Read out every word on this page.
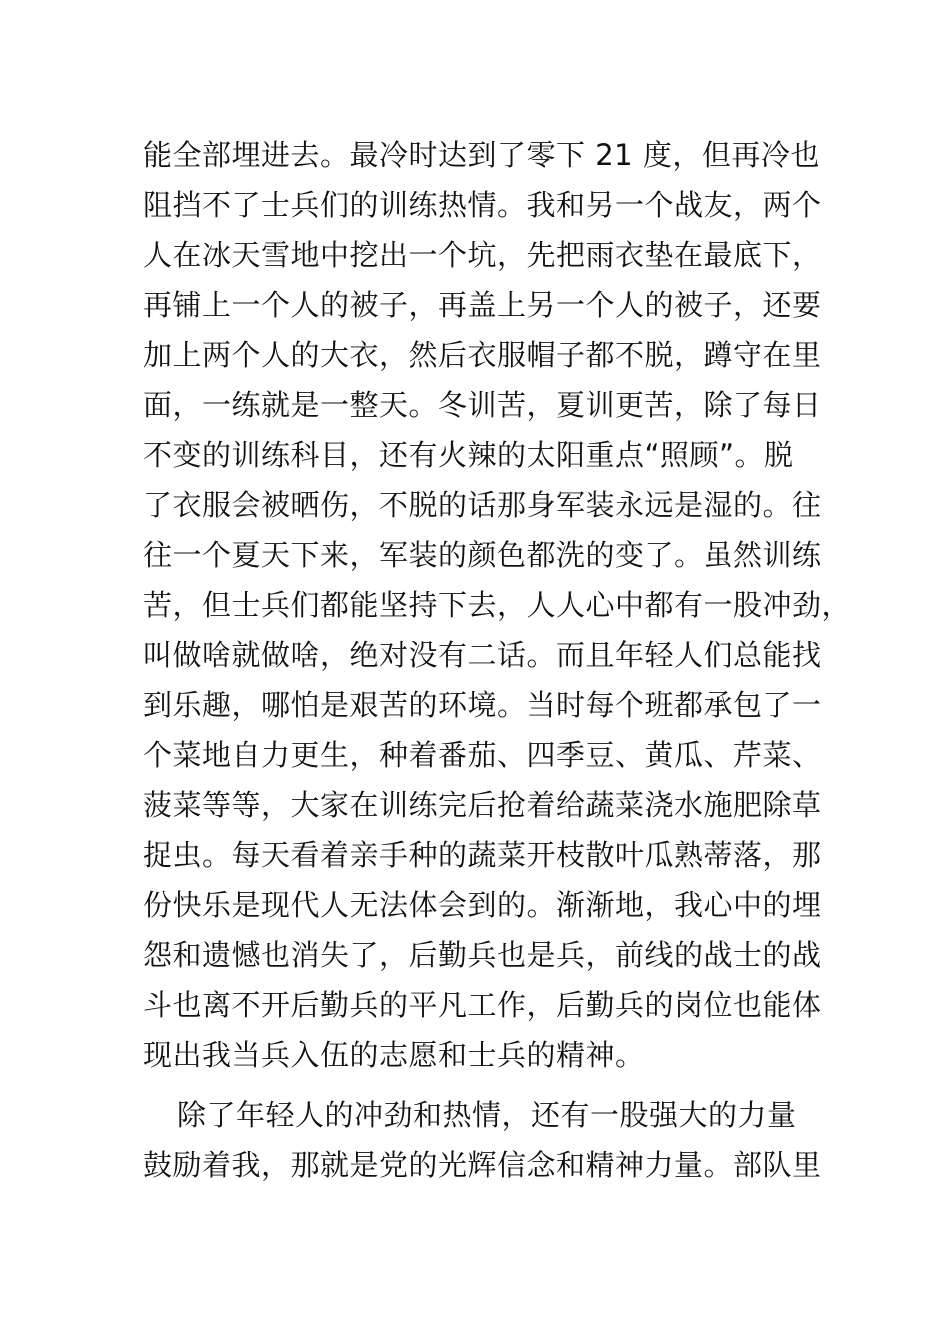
能全部埋进去。最冷时达到了零下 21 度，但再冷也
阻挡不了士兵们的训练热情。我和另一个战友，两个
人在冰天雪地中挖出一个坑，先把雨衣垫在最底下，
再铺上一个人的被子，再盖上另一个人的被子，还要
加上两个人的大衣，然后衣服帽子都不脱，蹲守在里
面，一练就是一整天。冬训苦，夏训更苦，除了每日
不变的训练科目，还有火辣的太阳重点“照顾”。脱
了衣服会被晒伤，不脱的话那身军装永远是湿的。往
往一个夏天下来，军装的颜色都洗的变了。虽然训练
苦，但士兵们都能坚持下去，人人心中都有一股冲劲，
叫做啥就做啥，绝对没有二话。而且年轻人们总能找
到乐趣，哪怕是艰苦的环境。当时每个班都承包了一
个菜地自力更生，种着番茄、四季豆、黄瓜、芹菜、
菠菜等等，大家在训练完后抢着给蔬菜浇水施肥除草
捉虫。每天看着亲手种的蔬菜开枝散叶瓜熟蒂落，那
份快乐是现代人无法体会到的。渐渐地，我心中的埋
怨和遗憾也消失了，后勤兵也是兵，前线的战士的战
斗也离不开后勤兵的平凡工作，后勤兵的岗位也能体
现出我当兵入伍的志愿和士兵的精神。
除了年轻人的冲劲和热情，还有一股强大的力量
鼓励着我，那就是党的光辉信念和精神力量。部队里
